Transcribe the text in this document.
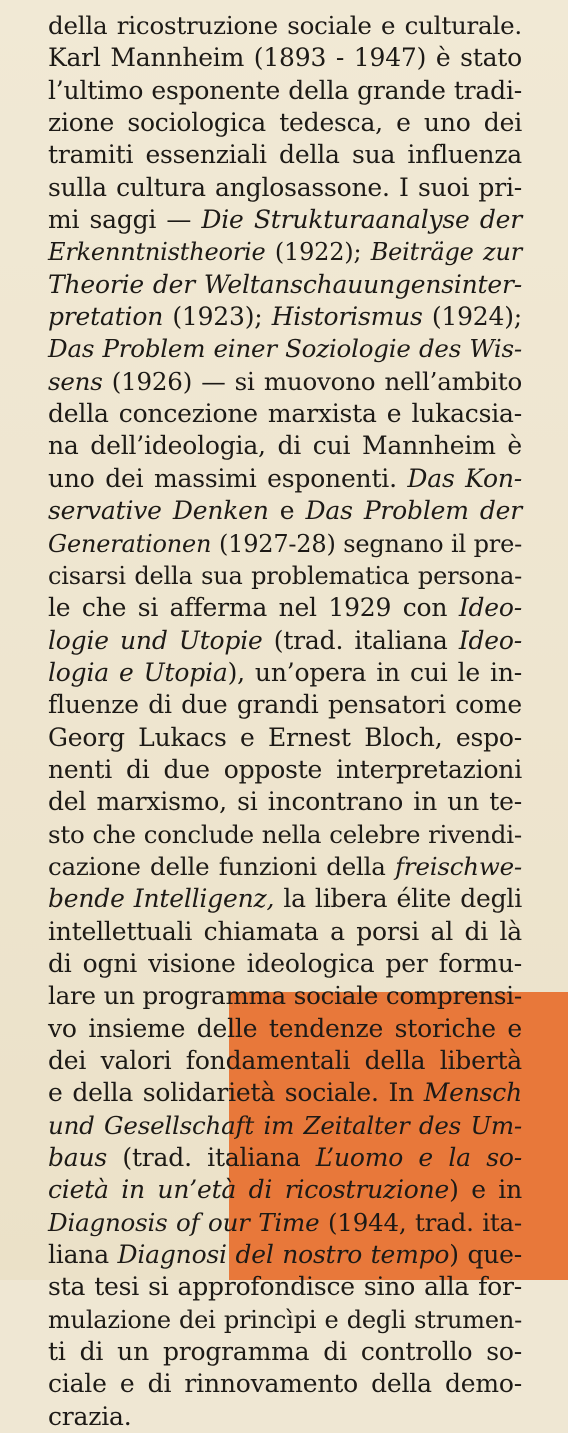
della ricostruzione sociale e culturale.
Karl Mannheim (1893 - 1947) è stato
l’ultimo esponente della grande tradi-
zione sociologica tedesca, e uno dei
tramiti essenziali della sua influenza
sulla cultura anglosassone. I suoi pri-
mi saggi — Die Strukturaanalyse der
Erkenntnistheorie (1922); Beiträge zur
Theorie der Weltanschauungensinter-
pretation (1923); Historismus (1924);
Das Problem einer Soziologie des Wis-
sens (1926) — si muovono nell’ambito
della concezione marxista e lukacsia-
na dell’ideologia, di cui Mannheim è
uno dei massimi esponenti. Das Kon-
servative Denken e Das Problem der
Generationen (1927-28) segnano il pre-
cisarsi della sua problematica persona-
le che si afferma nel 1929 con Ideo-
logie und Utopie (trad. italiana Ideo-
logia e Utopia), un’opera in cui le in-
fluenze di due grandi pensatori come
Georg Lukacs e Ernest Bloch, espo-
nenti di due opposte interpretazioni
del marxismo, si incontrano in un te-
sto che conclude nella celebre rivendi-
cazione delle funzioni della freischwe-
bende Intelligenz, la libera élite degli
intellettuali chiamata a porsi al di là
di ogni visione ideologica per formu-
lare un programma sociale comprensi-
vo insieme delle tendenze storiche e
dei valori fondamentali della libertà
e della solidarietà sociale. In Mensch
und Gesellschaft im Zeitalter des Um-
baus (trad. italiana L’uomo e la so-
cietà in un’età di ricostruzione) e in
Diagnosis of our Time (1944, trad. ita-
liana Diagnosi del nostro tempo) que-
sta tesi si approfondisce sino alla for-
mulazione dei princìpi e degli strumen-
ti di un programma di controllo so-
ciale e di rinnovamento della demo-
crazia.
